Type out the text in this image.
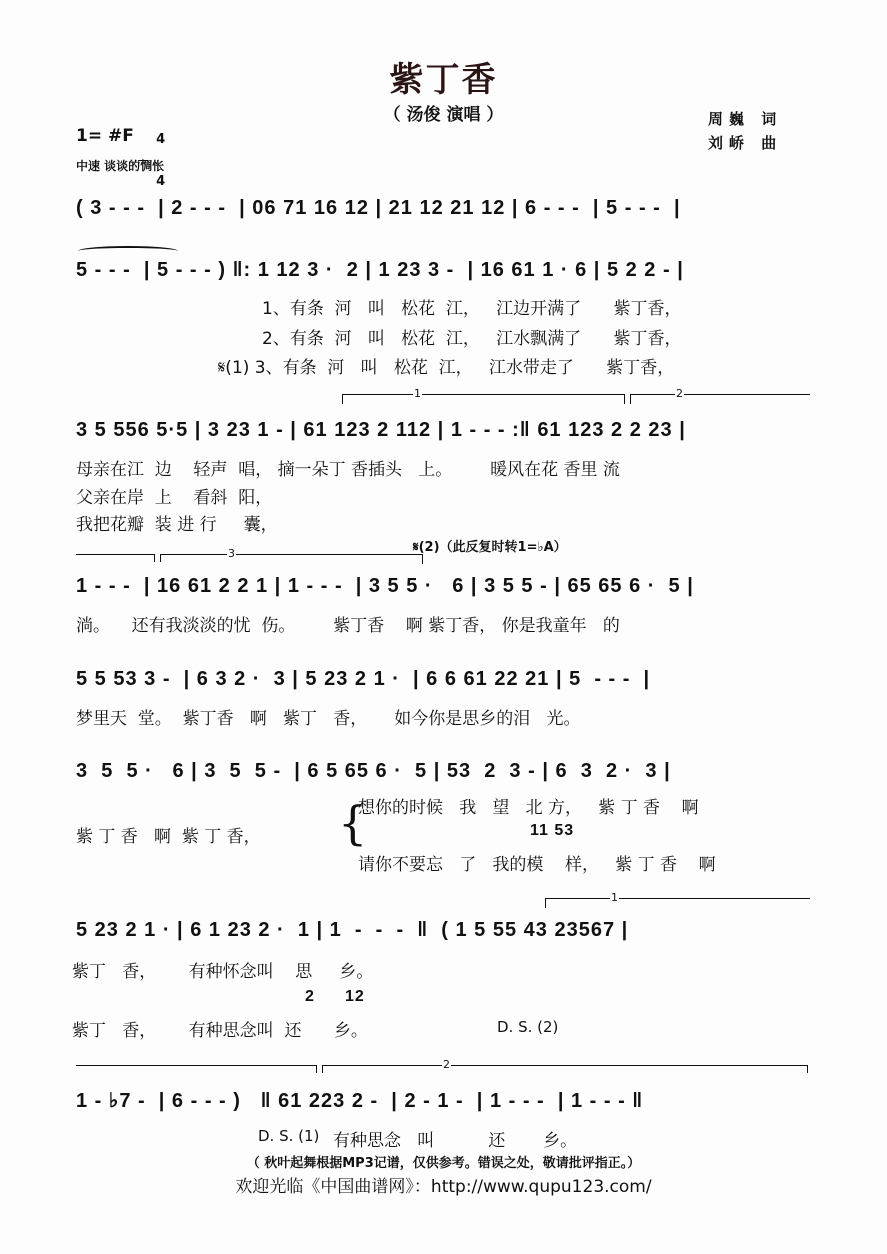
紫丁香
（ 汤俊 演唱 ）
1= #F	4

4

中速 谈谈的惆怅
周巍 词
刘峤 曲
( 3 - - -  | 2 - - -  | 06 71 16 12 | 21 12 21 12 | 6 - - -  | 5 - - -  |
5 - - -  | 5 - - - ) ‖: 1 12 3 ·  2 | 1 23 3 -  | 16 61 1 · 6 | 5 2 2 - |
1、有条  河   叫   松花  江，   江边开满了      紫丁香，
2、有条  河   叫   松花  江，   江水飘满了      紫丁香，
𝄋(1) 3、有条  河   叫   松花  江，   江水带走了      紫丁香，
1	2
3 5 556 5·5 | 3 23 1 - | 61 123 2 112 | 1 - - - :‖ 61 123 2 2 23 |
母亲在江  边    轻声  唱， 摘一朵丁 香插头   上。       暖风在花 香里 流
父亲在岸  上    看斜  阳，
我把花瓣  装 进 行     囊，
3	𝄋(2)（此反复时转1=♭A）
1 - - -  | 16 61 2 2 1 | 1 - - -  | 3 5 5 ·   6 | 3 5 5 - | 65 65 6 ·  5 |
淌。    还有我淡淡的忧  伤。       紫丁香    啊 紫丁香， 你是我童年   的
5 5 53 3 -  | 6 3 2 ·  3 | 5 23 2 1 ·  | 6 6 61 22 21 | 5  - - -  |
梦里天  堂。  紫丁香   啊   紫丁   香，     如今你是思乡的泪   光。
3  5  5 ·   6 | 3  5  5 -  | 6 5 65 6 ·  5 | 53  2  3 - | 6  3  2 ·  3 |
紫 丁 香   啊  紫 丁 香， {
想你的时候   我   望   北 方，   紫 丁 香    啊
11 53
请你不要忘   了   我的模    样，   紫 丁 香    啊
1
5 23 2 1 · | 6 1 23 2 ·  1 | 1  -  -  -  ‖  ( 1 5 55 43 23567 |
紫丁   香，      有种怀念叫    思     乡。
2 12
紫丁   香，      有种思念叫  还      乡。	D. S. (2)
2
1 - ♭7 -  | 6 - - - )   ‖ 61 223 2 -  | 2 - 1 -  | 1 - - -  | 1 - - - ‖
D. S. (1) 有种思念   叫          还       乡。
（ 秋叶起舞根据MP3记谱，仅供参考。错误之处，敬请批评指正。）
欢迎光临《中国曲谱网》：http://www.qupu123.com/
